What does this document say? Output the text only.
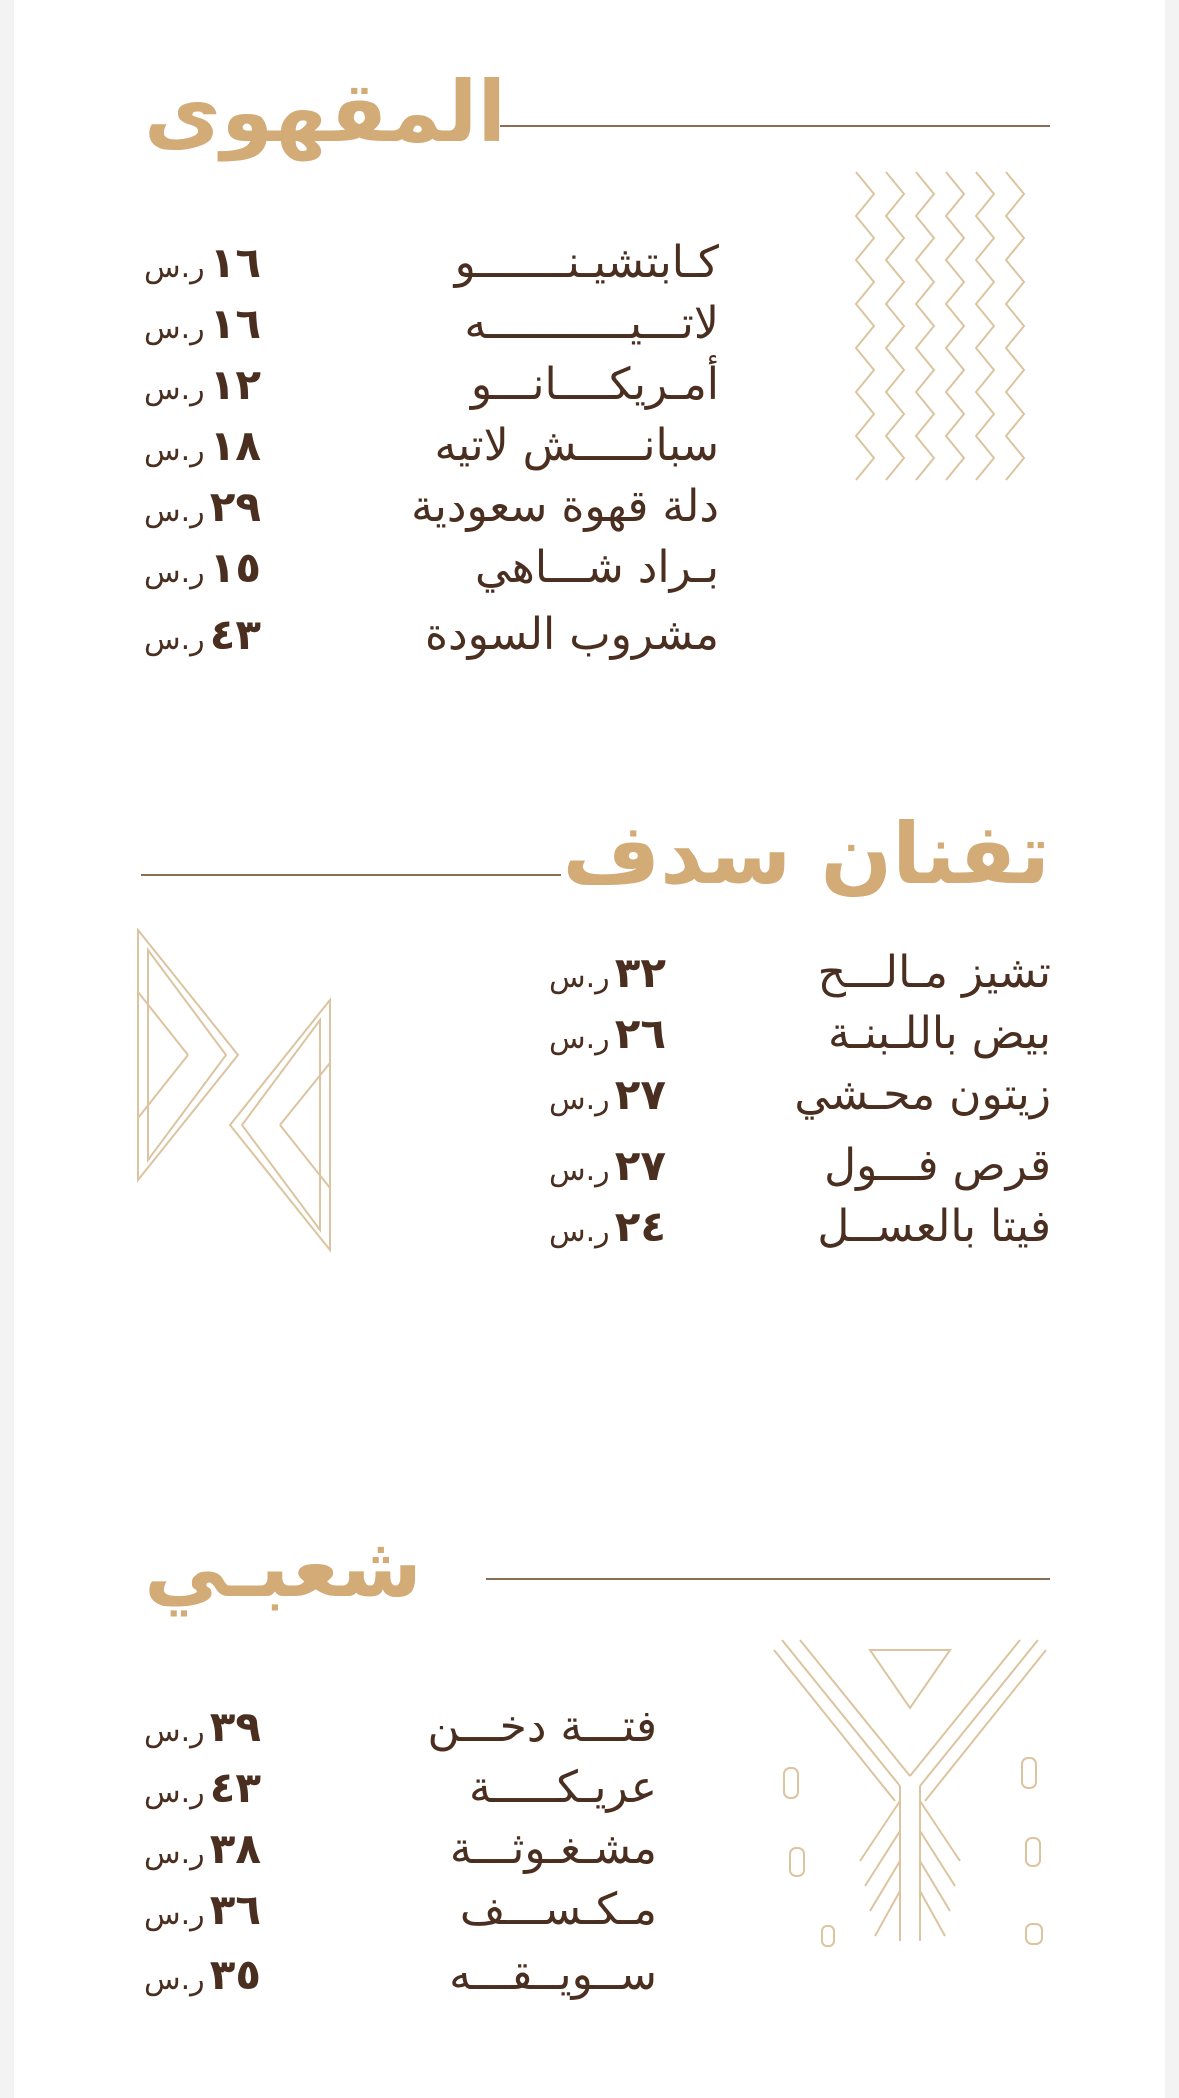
المقهوى
كـابتشيـنـــــــو
١٦ ر.س
لاتـــيـــــــــــه
١٦ ر.س
أمـريكــــانـــو
١٢ ر.س
سبانـــــش لاتيه
١٨ ر.س
دلة قهوة سعودية
٢٩ ر.س
بـراد شـــاهي
١٥ ر.س
مشروب السودة
٤٣ ر.س
تفنان سدف
تشيز مـالـــح
٣٢ ر.س
بيض باللـبنـة
٢٦ ر.س
زيتون محـشي
٢٧ ر.س
قرص فـــول
٢٧ ر.س
فيتا بالعســل
٢٤ ر.س
شعبـي
فتـــة دخـــن
٣٩ ر.س
عريـكـــــة
٤٣ ر.س
مشـغـوثـــة
٣٨ ر.س
مـكـســـف
٣٦ ر.س
ســويــقـــه
٣٥ ر.س
